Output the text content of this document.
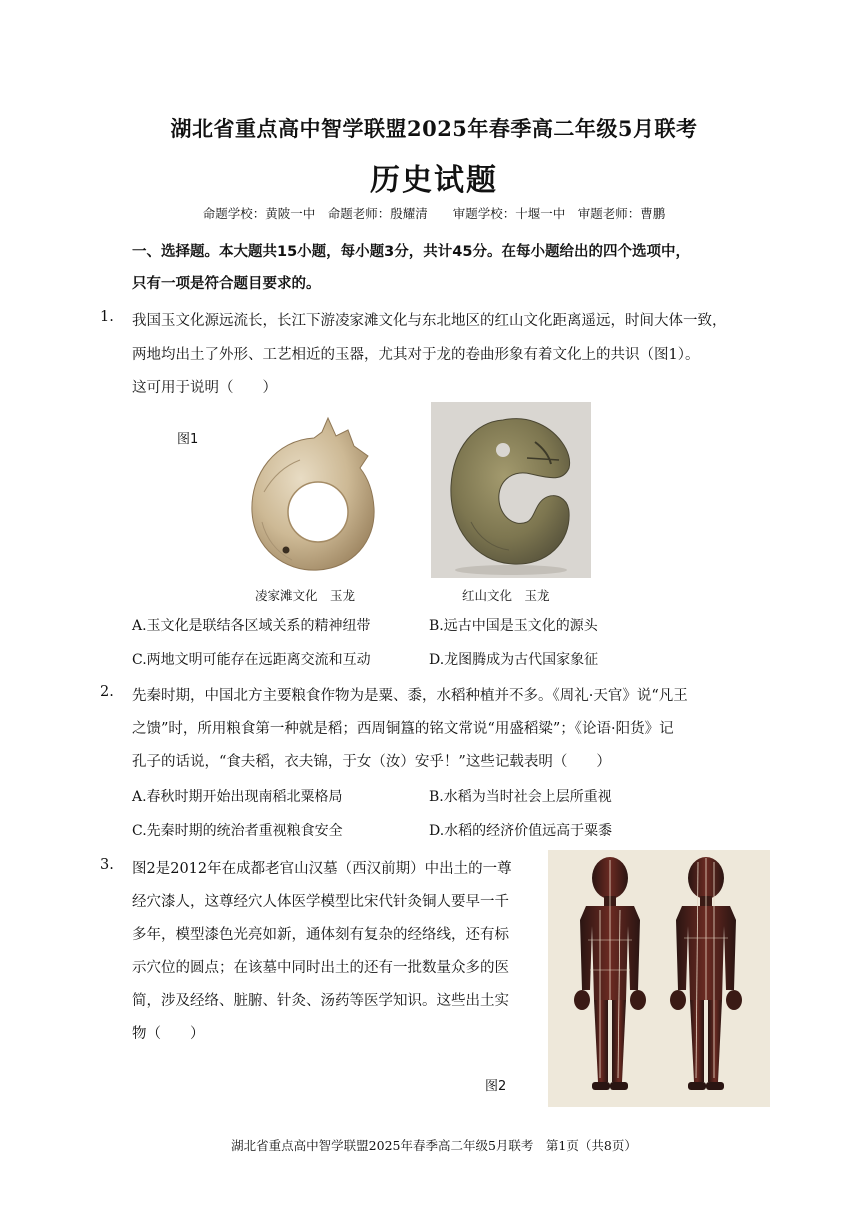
湖北省重点高中智学联盟2025年春季高二年级5月联考
历史试题
命题学校：黄陂一中　命题老师：殷耀清　　审题学校：十堰一中　审题老师：曹鹏
一、选择题。本大题共15小题，每小题3分，共计45分。在每小题给出的四个选项中，
只有一项是符合题目要求的。
1. 我国玉文化源远流长，长江下游凌家滩文化与东北地区的红山文化距离遥远，时间大体一致，
两地均出土了外形、工艺相近的玉器，尤其对于龙的卷曲形象有着文化上的共识（图1）。
这可用于说明（　　）
图1
凌家滩文化　玉龙	红山文化　玉龙
A.玉文化是联结各区域关系的精神纽带	B.远古中国是玉文化的源头
C.两地文明可能存在远距离交流和互动	D.龙图腾成为古代国家象征
2. 先秦时期，中国北方主要粮食作物为是粟、黍，水稻种植并不多。《周礼·天官》说“凡王
之馈”时，所用粮食第一种就是稻；西周铜簋的铭文常说“用盛稻粱”；《论语·阳货》记
孔子的话说，“食夫稻，衣夫锦，于女（汝）安乎！”这些记载表明（　　）
A.春秋时期开始出现南稻北粟格局	B.水稻为当时社会上层所重视
C.先秦时期的统治者重视粮食安全	D.水稻的经济价值远高于粟黍
3. 图2是2012年在成都老官山汉墓（西汉前期）中出土的一尊
经穴漆人，这尊经穴人体医学模型比宋代针灸铜人要早一千
多年，模型漆色光亮如新，通体刻有复杂的经络线，还有标
示穴位的圆点；在该墓中同时出土的还有一批数量众多的医
简，涉及经络、脏腑、针灸、汤药等医学知识。这些出土实
物（　　）
图2
湖北省重点高中智学联盟2025年春季高二年级5月联考　第1页（共8页）
